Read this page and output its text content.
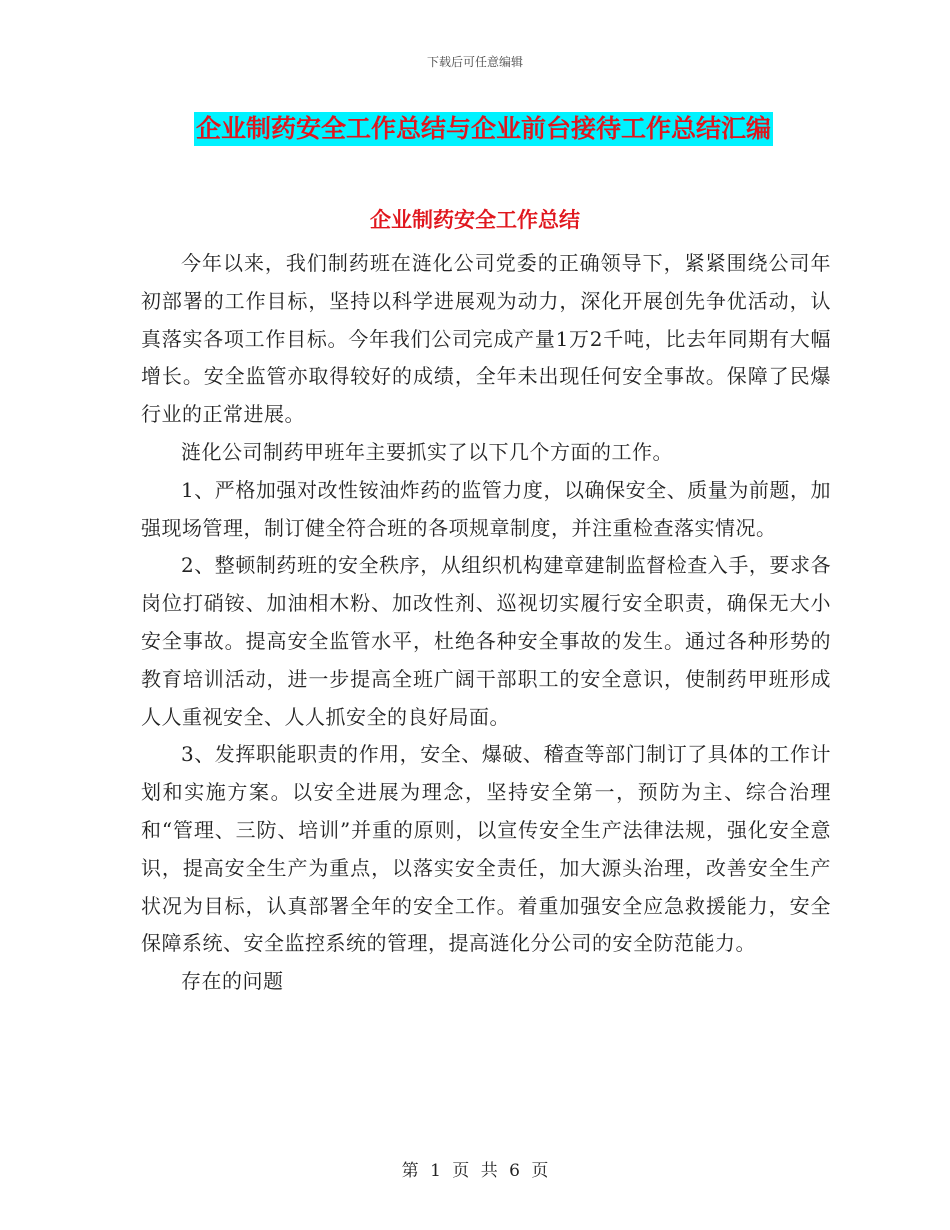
下载后可任意编辑
企业制药安全工作总结与企业前台接待工作总结汇编
企业制药安全工作总结

今年以来，我们制药班在涟化公司党委的正确领导下，紧紧围绕公司年初部署的工作目标，坚持以科学进展观为动力，深化开展创先争优活动，认真落实各项工作目标。今年我们公司完成产量1万2千吨，比去年同期有大幅增长。安全监管亦取得较好的成绩，全年未出现任何安全事故。保障了民爆行业的正常进展。

涟化公司制药甲班年主要抓实了以下几个方面的工作。

1、严格加强对改性铵油炸药的监管力度，以确保安全、质量为前题，加强现场管理，制订健全符合班的各项规章制度，并注重检查落实情况。

2、整顿制药班的安全秩序，从组织机构建章建制监督检查入手，要求各岗位打硝铵、加油相木粉、加改性剂、巡视切实履行安全职责，确保无大小安全事故。提高安全监管水平，杜绝各种安全事故的发生。通过各种形势的教育培训活动，进一步提高全班广阔干部职工的安全意识，使制药甲班形成人人重视安全、人人抓安全的良好局面。

3、发挥职能职责的作用，安全、爆破、稽查等部门制订了具体的工作计划和实施方案。以安全进展为理念，坚持安全第一，预防为主、综合治理和“管理、三防、培训”并重的原则，以宣传安全生产法律法规，强化安全意识，提高安全生产为重点，以落实安全责任，加大源头治理，改善安全生产状况为目标，认真部署全年的安全工作。着重加强安全应急救援能力，安全保障系统、安全监控系统的管理，提高涟化分公司的安全防范能力。

存在的问题

第 1 页 共 6 页
